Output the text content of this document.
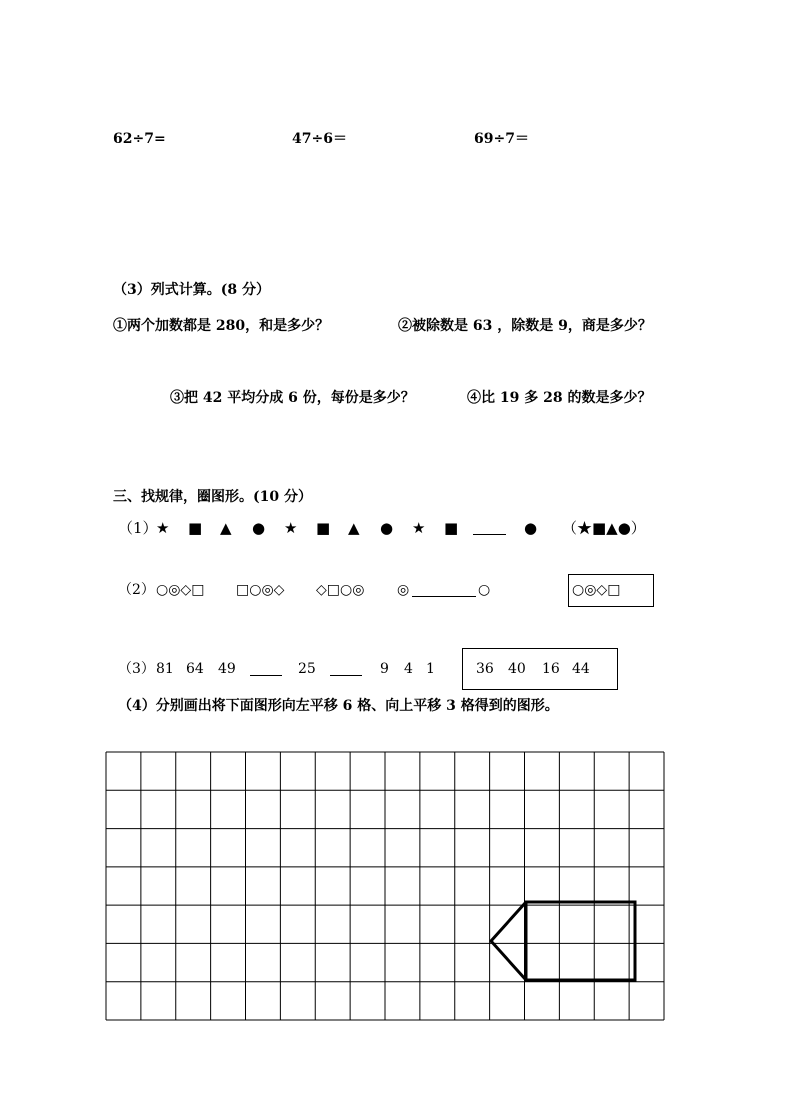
62÷7=	47÷6＝	69÷7＝
（3）列式计算。(8 分）
①两个加数都是 280，和是多少？	②被除数是 63 ，除数是 9，商是多少？
③把 42 平均分成 6 份，每份是多少？	④比 19 多 28 的数是多少？
三、找规律，圈图形。(10 分）
（1）
★ ■ ▲ ● ★ ■ ▲ ● ★ ■	● （★■▲●）
（2） ○◎◇□ □○◎◇ ◇□○◎ ◎	○	○◎◇□
（3） 81 64 49	25	9 4 1	36 40 16 44
（4）分别画出将下面图形向左平移 6 格、向上平移 3 格得到的图形。
